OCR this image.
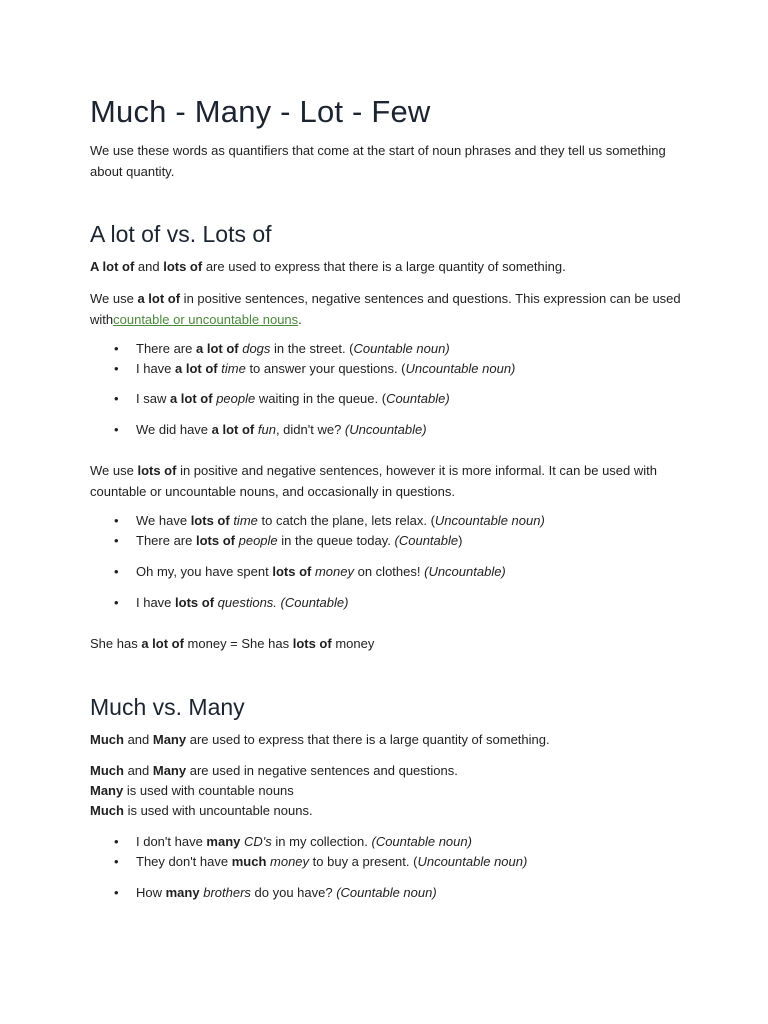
Much - Many - Lot - Few

We use these words as quantifiers that come at the start of noun phrases and they tell us something about quantity.

A lot of vs. Lots of

A lot of and lots of are used to express that there is a large quantity of something.

We use a lot of in positive sentences, negative sentences and questions. This expression can be used withcountable or uncountable nouns.

• There are a lot of dogs in the street. (Countable noun)
• I have a lot of time to answer your questions. (Uncountable noun)
• I saw a lot of people waiting in the queue. (Countable)
• We did have a lot of fun, didn't we? (Uncountable)

We use lots of in positive and negative sentences, however it is more informal. It can be used with countable or uncountable nouns, and occasionally in questions.

• We have lots of time to catch the plane, lets relax. (Uncountable noun)
• There are lots of people in the queue today. (Countable)
• Oh my, you have spent lots of money on clothes! (Uncountable)
• I have lots of questions. (Countable)

She has a lot of money = She has lots of money

Much vs. Many

Much and Many are used to express that there is a large quantity of something.

Much and Many are used in negative sentences and questions.
Many is used with countable nouns
Much is used with uncountable nouns.

• I don't have many CD's in my collection. (Countable noun)
• They don't have much money to buy a present. (Uncountable noun)
• How many brothers do you have? (Countable noun)
